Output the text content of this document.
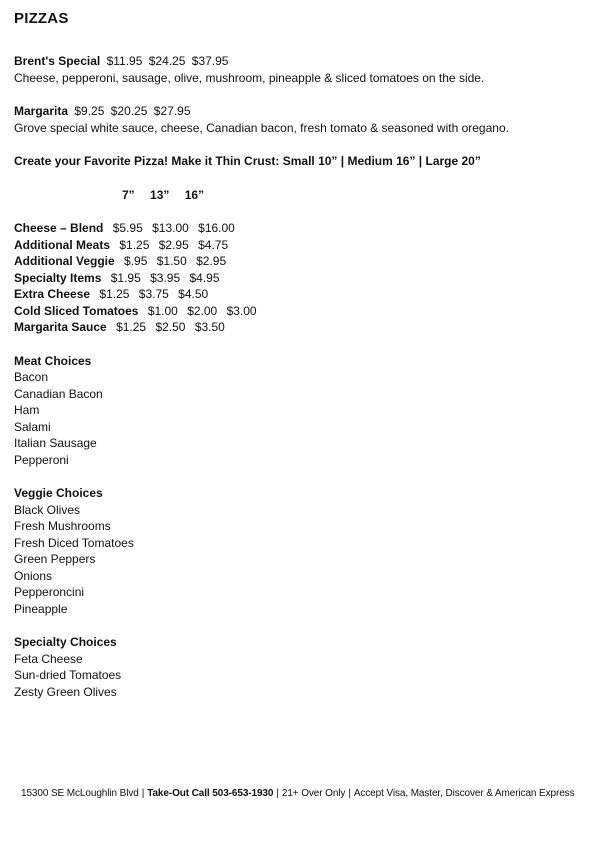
PIZZAS
Brent's Special $11.95 $24.25 $37.95
Cheese, pepperoni, sausage, olive, mushroom, pineapple & sliced tomatoes on the side.
Margarita $9.25 $20.25 $27.95
Grove special white sauce, cheese, Canadian bacon, fresh tomato & seasoned with oregano.
Create your Favorite Pizza! Make it Thin Crust: Small 10” | Medium 16” | Large 20”
7” 13” 16”
Cheese – Blend $5.95 $13.00 $16.00
Additional Meats $1.25 $2.95 $4.75
Additional Veggie $.95 $1.50 $2.95
Specialty Items $1.95 $3.95 $4.95
Extra Cheese $1.25 $3.75 $4.50
Cold Sliced Tomatoes $1.00 $2.00 $3.00
Margarita Sauce $1.25 $2.50 $3.50
Meat Choices
Bacon
Canadian Bacon
Ham
Salami
Italian Sausage
Pepperoni
Veggie Choices
Black Olives
Fresh Mushrooms
Fresh Diced Tomatoes
Green Peppers
Onions
Pepperoncini
Pineapple
Specialty Choices
Feta Cheese
Sun-dried Tomatoes
Zesty Green Olives
15300 SE McLoughlin Blvd | Take-Out Call 503-653-1930 | 21+ Over Only | Accept Visa, Master, Discover & American Express
